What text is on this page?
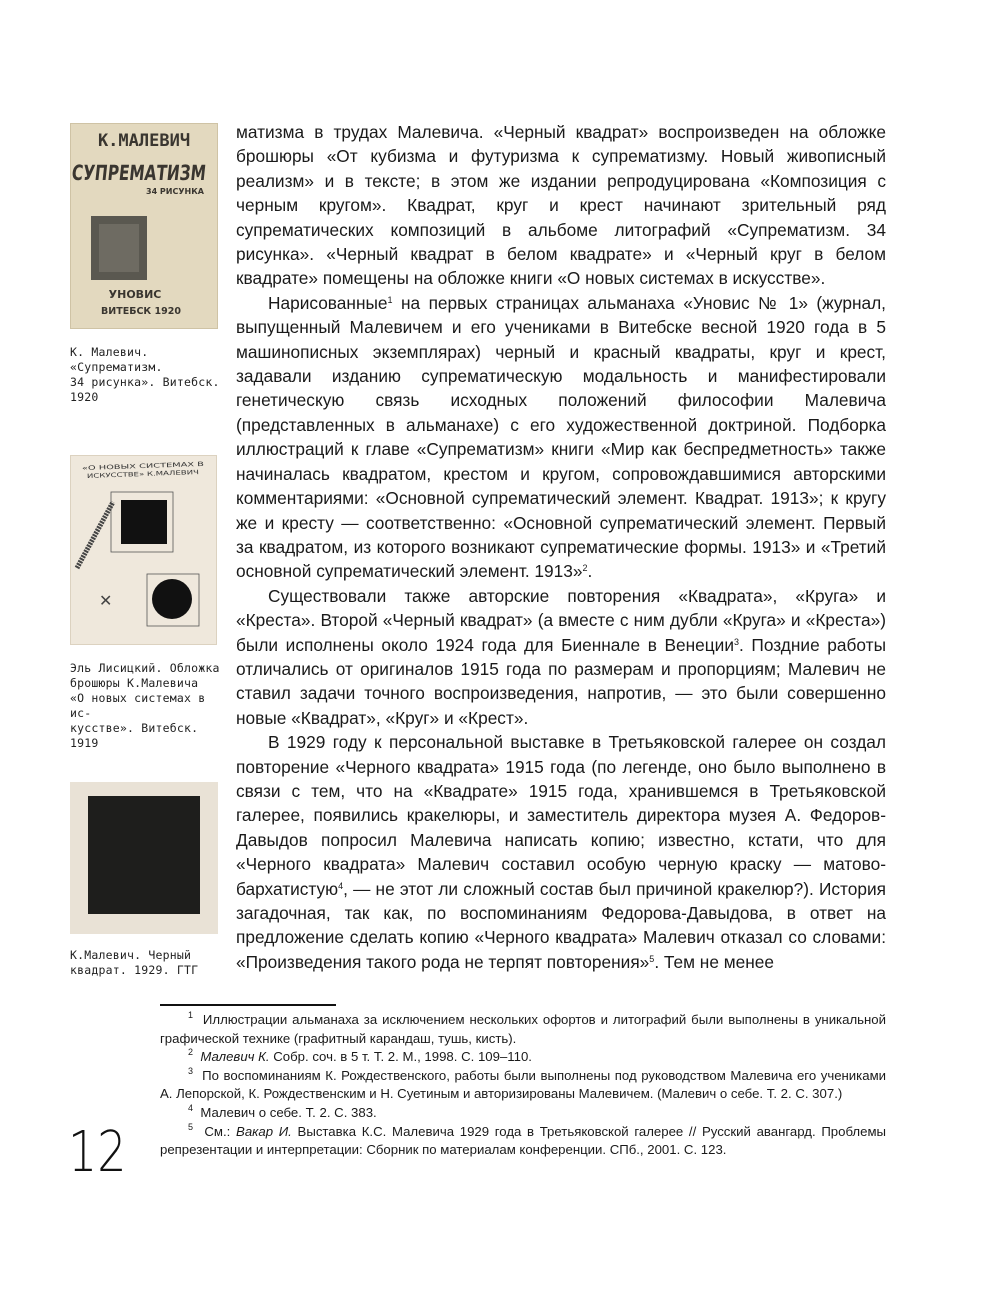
К.МАЛЕВИЧ
СУПРЕМАТИЗМ
34 РИСУНКА
УНОВИС
ВИТЕБСК 1920
К. Малевич. «Супрематизм.
34 рисунка». Витебск.
1920
«О НОВЫХ СИСТЕМАХ В
ИСКУССТВЕ» К.МАЛЕВИЧ
✕
Эль Лисицкий. Обложка
брошюры К.Малевича
«О новых системах в ис-
кусстве». Витебск. 1919
К.Малевич. Черный
квадрат. 1929. ГТГ

матизма в трудах Малевича. «Черный квадрат» воспроизведен на обложке брошюры «От кубизма и футуризма к супрематизму. Новый живописный реализм» и в тексте; в этом же издании репродуцирована «Композиция с черным кругом». Квадрат, круг и крест начинают зрительный ряд супрематических композиций в альбоме литографий «Супрематизм. 34 рисунка». «Черный квадрат в белом квадрате» и «Черный круг в белом квадрате» помещены на обложке книги «О новых системах в искусстве».

Нарисованные$^1$ на первых страницах альманаха «Уновис № 1» (журнал, выпущенный Малевичем и его учениками в Витебске весной 1920 года в 5 машинописных экземплярах) черный и красный квадраты, круг и крест, задавали изданию супрематическую модальность и манифестировали генетическую связь исходных положений философии Малевича (представленных в альманахе) с его художественной доктриной. Подборка иллюстраций к главе «Супрематизм» книги «Мир как беспредметность» также начиналась квадратом, крестом и кругом, сопровождавшимися авторскими комментариями: «Основной супрематический элемент. Квадрат. 1913»; к кругу же и кресту — соответственно: «Основной супрематический элемент. Первый за квадратом, из которого возникают супрематические формы. 1913» и «Третий основной супрематический элемент. 1913»$^2$.

Существовали также авторские повторения «Квадрата», «Круга» и «Креста». Второй «Черный квадрат» (а вместе с ним дубли «Круга» и «Креста») были исполнены около 1924 года для Биеннале в Венеции$^3$. Поздние работы отличались от оригиналов 1915 года по размерам и пропорциям; Малевич не ставил задачи точного воспроизведения, напротив, — это были совершенно новые «Квадрат», «Круг» и «Крест».

В 1929 году к персональной выставке в Третьяковской галерее он создал повторение «Черного квадрата» 1915 года (по легенде, оно было выполнено в связи с тем, что на «Квадрате» 1915 года, хранившемся в Третьяковской галерее, появились кракелюры, и заместитель директора музея А. Федоров-Давыдов попросил Малевича написать копию; известно, кстати, что для «Черного квадрата» Малевич составил особую черную краску — матово-бархатистую$^4$, — не этот ли сложный состав был причиной кракелюр?). История загадочная, так как, по воспоминаниям Федорова-Давыдова, в ответ на предложение сделать копию «Черного квадрата» Малевич отказал со словами: «Произведения такого рода не терпят повторения»$^5$. Тем не менее

$^1$ Иллюстрации альманаха за исключением нескольких офортов и литографий были выполнены в уникальной графической технике (графитный карандаш, тушь, кисть).

$^2$ Малевич К. Собр. соч. в 5 т. Т. 2. М., 1998. С. 109–110.

$^3$ По воспоминаниям К. Рождественского, работы были выполнены под руководством Малевича его учениками А. Лепорской, К. Рождественским и Н. Суетиным и авторизированы Малевичем. (Малевич о себе. Т. 2. С. 307.)

$^4$ Малевич о себе. Т. 2. С. 383.

$^5$ См.: Вакар И. Выставка К.С. Малевича 1929 года в Третьяковской галерее // Русский авангард. Проблемы репрезентации и интерпретации: Сборник по материалам конференции. СПб., 2001. С. 123.

12
